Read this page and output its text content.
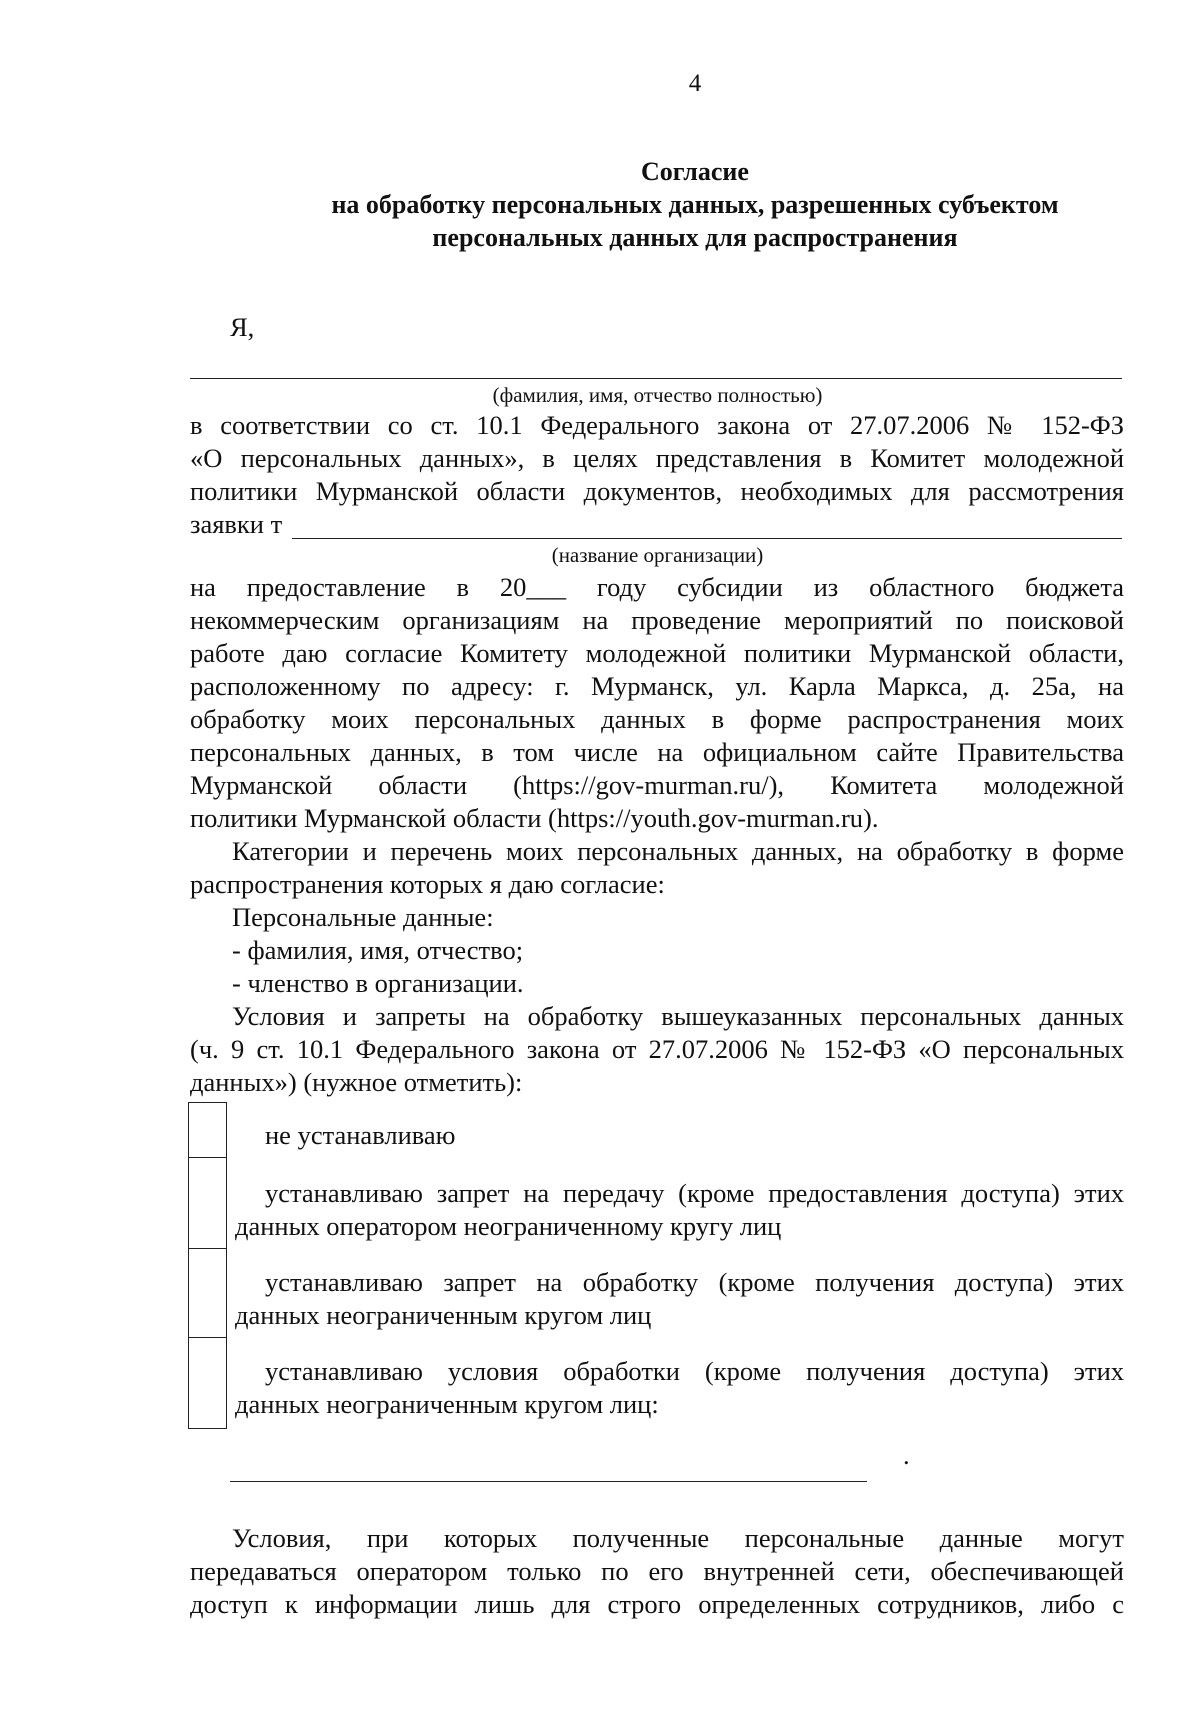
4
Согласие
на обработку персональных данных, разрешенных субъектом
персональных данных для распространения
Я,
(фамилия, имя, отчество полностью)
в соответствии со ст. 10.1 Федерального закона от 27.07.2006 № 152-ФЗ
«О персональных данных», в целях представления в Комитет молодежной
политики Мурманской области документов, необходимых для рассмотрения
заявки т
(название организации)
на предоставление в 20___ году субсидии из областного бюджета
некоммерческим организациям на проведение мероприятий по поисковой
работе даю согласие Комитету молодежной политики Мурманской области,
расположенному по адресу: г. Мурманск, ул. Карла Маркса, д. 25а, на
обработку моих персональных данных в форме распространения моих
персональных данных, в том числе на официальном сайте Правительства
Мурманской области (https://gov-murman.ru/), Комитета молодежной
политики Мурманской области (https://youth.gov-murman.ru).
Категории и перечень моих персональных данных, на обработку в форме
распространения которых я даю согласие:
Персональные данные:
- фамилия, имя, отчество;
- членство в организации.
Условия и запреты на обработку вышеуказанных персональных данных
(ч. 9 ст. 10.1 Федерального закона от 27.07.2006 № 152-ФЗ «О персональных
данных») (нужное отметить):
не устанавливаю
устанавливаю запрет на передачу (кроме предоставления доступа) этих
данных оператором неограниченному кругу лиц
устанавливаю запрет на обработку (кроме получения доступа) этих
данных неограниченным кругом лиц
устанавливаю условия обработки (кроме получения доступа) этих
данных неограниченным кругом лиц:
.
Условия, при которых полученные персональные данные могут
передаваться оператором только по его внутренней сети, обеспечивающей
доступ к информации лишь для строго определенных сотрудников, либо с
